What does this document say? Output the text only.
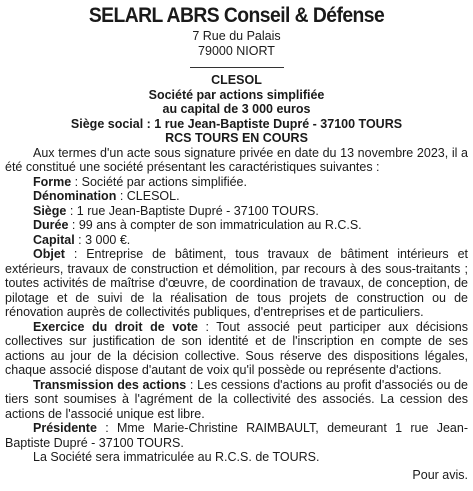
SELARL ABRS Conseil & Défense
7 Rue du Palais
79000 NIORT
CLESOL
Société par actions simplifiée
au capital de 3 000 euros
Siège social : 1 rue Jean-Baptiste Dupré - 37100 TOURS
RCS TOURS EN COURS

Aux termes d'un acte sous signature privée en date du 13 novembre 2023, il a été constitué une société présentant les caractéristiques suivantes :

Forme : Société par actions simplifiée.

Dénomination : CLESOL.

Siège : 1 rue Jean-Baptiste Dupré - 37100 TOURS.

Durée : 99 ans à compter de son immatriculation au R.C.S.

Capital : 3 000 €.

Objet : Entreprise de bâtiment, tous travaux de bâtiment intérieurs et extérieurs, travaux de construction et démolition, par recours à des sous-traitants ; toutes activités de maîtrise d'œuvre, de coordination de travaux, de conception, de pilotage et de suivi de la réalisation de tous projets de construction ou de rénovation auprès de collectivités publiques, d'entreprises et de particuliers.

Exercice du droit de vote : Tout associé peut participer aux décisions collectives sur justification de son identité et de l'inscription en compte de ses actions au jour de la décision collective. Sous réserve des dispositions légales, chaque associé dispose d'autant de voix qu'il possède ou représente d'actions.

Transmission des actions : Les cessions d'actions au profit d'associés ou de tiers sont soumises à l'agrément de la collectivité des associés. La cession des actions de l'associé unique est libre.

Présidente : Mme Marie-Christine RAIMBAULT, demeurant 1 rue Jean-Baptiste Dupré - 37100 TOURS.

La Société sera immatriculée au R.C.S. de TOURS.

Pour avis.
